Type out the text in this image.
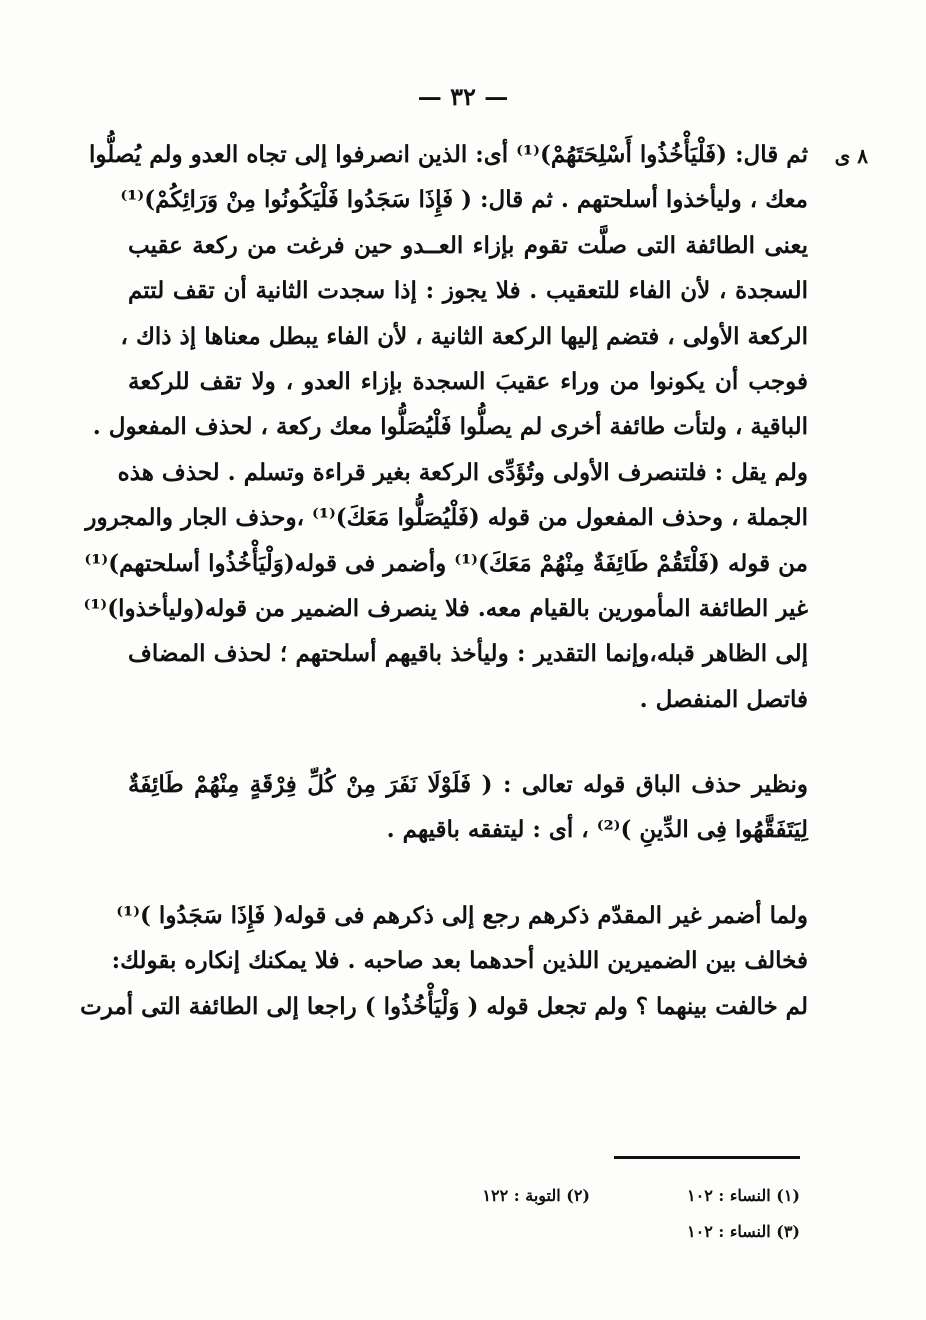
— ٣٢ —
٨ ى
ثم قال: (فَلْيَأْخُذُوا أَسْلِحَتَهُمْ)⁽¹⁾ أى: الذين انصرفوا إلى تجاه العدو ولم يُصلُّوا
معك ، وليأخذوا أسلحتهم . ثم قال: ( فَإِذَا سَجَدُوا فَلْيَكُونُوا مِنْ وَرَائِكُمْ)⁽¹⁾
يعنى الطائفة التى صلَّت تقوم بإزاء العــدو حين فرغت من ركعة عقيب
السجدة ، لأن الفاء للتعقيب . فلا يجوز : إذا سجدت الثانية أن تقف لتتم
الركعة الأولى ، فتضم إليها الركعة الثانية ، لأن الفاء يبطل معناها إذ ذاك ،
فوجب أن يكونوا من وراء عقيبَ السجدة بإزاء العدو ، ولا تقف للركعة
الباقية ، ولتأت طائفة أخرى لم يصلُّوا فَلْيُصَلُّوا معك ركعة ، لحذف المفعول .
ولم يقل : فلتنصرف الأولى وتُؤَدِّى الركعة بغير قراءة وتسلم . لحذف هذه
الجملة ، وحذف المفعول من قوله (فَلْيُصَلُّوا مَعَكَ)⁽¹⁾ ،وحذف الجار والمجرور
من قوله (فَلْتَقُمْ طَائِفَةٌ مِنْهُمْ مَعَكَ)⁽¹⁾ وأضمر فى قوله(وَلْيَأْخُذُوا أسلحتهم)⁽¹⁾
غير الطائفة المأمورين بالقيام معه. فلا ينصرف الضمير من قوله(وليأخذوا)⁽¹⁾
إلى الظاهر قبله،وإنما التقدير : وليأخذ باقيهم أسلحتهم ؛ لحذف المضاف
فاتصل المنفصل .
ونظير حذف الباق قوله تعالى : ( فَلَوْلَا نَفَرَ مِنْ كُلِّ فِرْقَةٍ مِنْهُمْ طَائِفَةٌ
لِيَتَفَقَّهُوا فِى الدِّينِ )⁽²⁾ ، أى : ليتفقه باقيهم .
ولما أضمر غير المقدّم ذكرهم رجع إلى ذكرهم فى قوله( فَإِذَا سَجَدُوا )⁽¹⁾
فخالف بين الضميرين اللذين أحدهما بعد صاحبه . فلا يمكنك إنكاره بقولك:
لم خالفت بينهما ؟ ولم تجعل قوله ( وَلْيَأْخُذُوا ) راجعا إلى الطائفة التى أمرت
(١) النساء : ١٠٢
(٢) التوبة : ١٢٢
(٣) النساء : ١٠٢
